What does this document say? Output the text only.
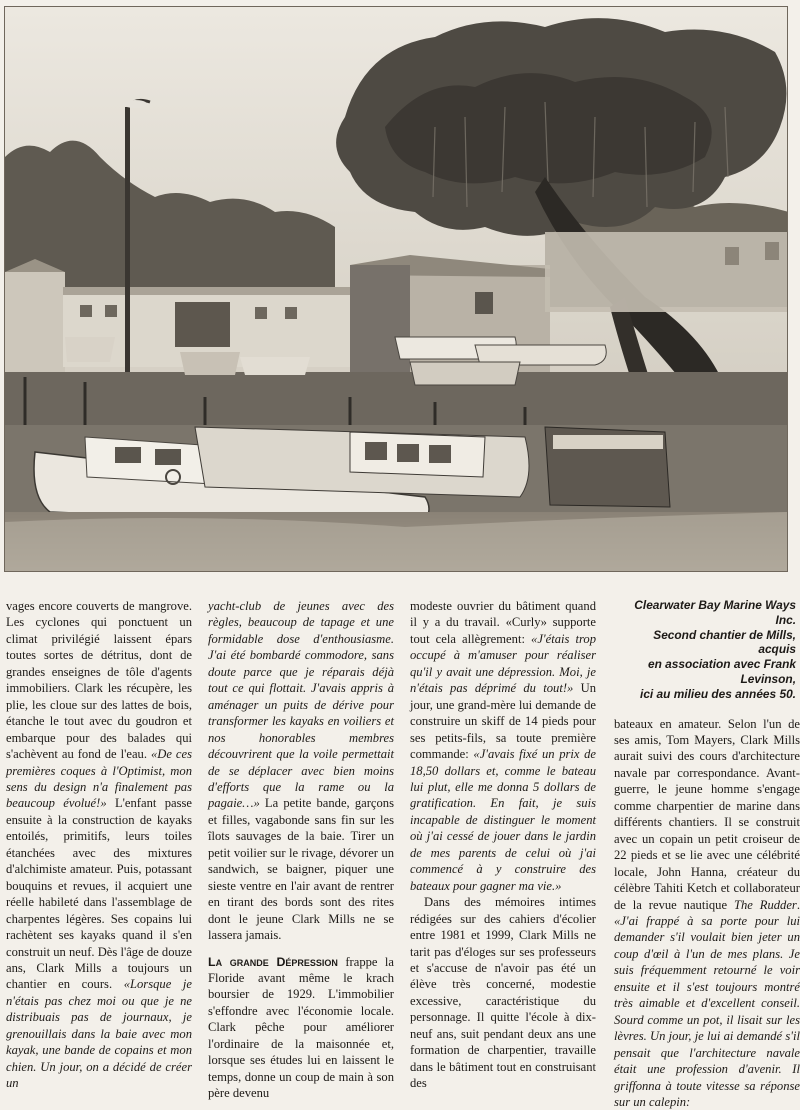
vages encore couverts de mangrove. Les cyclones qui ponctuent un climat privilégié laissent épars toutes sortes de détritus, dont de grandes enseignes de tôle d'agents immobiliers. Clark les récupère, les plie, les cloue sur des lattes de bois, étanche le tout avec du goudron et embarque pour des balades qui s'achèvent au fond de l'eau. «De ces premières coques à l'Optimist, mon sens du design n'a finalement pas beaucoup évolué!» L'enfant passe ensuite à la construction de kayaks entoilés, primitifs, leurs toiles étanchées avec des mixtures d'alchimiste amateur. Puis, potassant bouquins et revues, il acquiert une réelle habileté dans l'assemblage de charpentes légères. Ses copains lui rachètent ses kayaks quand il s'en construit un neuf. Dès l'âge de douze ans, Clark Mills a toujours un chantier en cours. «Lorsque je n'étais pas chez moi ou que je ne distribuais pas de journaux, je grenouillais dans la baie avec mon kayak, une bande de copains et mon chien. Un jour, on a décidé de créer un

yacht-club de jeunes avec des règles, beaucoup de tapage et une formidable dose d'enthousiasme. J'ai été bombardé commodore, sans doute parce que je réparais déjà tout ce qui flottait. J'avais appris à aménager un puits de dérive pour transformer les kayaks en voiliers et nos honorables membres découvrirent que la voile permettait de se déplacer avec bien moins d'efforts que la rame ou la pagaie…» La petite bande, garçons et filles, vagabonde sans fin sur les îlots sauvages de la baie. Tirer un petit voilier sur le rivage, dévorer un sandwich, se baigner, piquer une sieste ventre en l'air avant de rentrer en tirant des bords sont des rites dont le jeune Clark Mills ne se lassera jamais.

La grande Dépression frappe la Floride avant même le krach boursier de 1929. L'immobilier s'effondre avec l'économie locale. Clark pêche pour améliorer l'ordinaire de la maisonnée et, lorsque ses études lui en laissent le temps, donne un coup de main à son père devenu

modeste ouvrier du bâtiment quand il y a du travail. «Curly» supporte tout cela allègrement: «J'étais trop occupé à m'amuser pour réaliser qu'il y avait une dépression. Moi, je n'étais pas déprimé du tout!» Un jour, une grand-mère lui demande de construire un skiff de 14 pieds pour ses petits-fils, sa toute première commande: «J'avais fixé un prix de 18,50 dollars et, comme le bateau lui plut, elle me donna 5 dollars de gratification. En fait, je suis incapable de distinguer le moment où j'ai cessé de jouer dans le jardin de mes parents de celui où j'ai commencé à y construire des bateaux pour gagner ma vie.»

Dans des mémoires intimes rédigées sur des cahiers d'écolier entre 1981 et 1999, Clark Mills ne tarit pas d'éloges sur ses professeurs et s'accuse de n'avoir pas été un élève très concerné, modestie excessive, caractéristique du personnage. Il quitte l'école à dix-neuf ans, suit pendant deux ans une formation de charpentier, travaille dans le bâtiment tout en construisant des

Clearwater Bay Marine Ways Inc.
Second chantier de Mills, acquis
en association avec Frank Levinson,
ici au milieu des années 50.

bateaux en amateur. Selon l'un de ses amis, Tom Mayers, Clark Mills aurait suivi des cours d'architecture navale par correspondance. Avant-guerre, le jeune homme s'engage comme charpentier de marine dans différents chantiers. Il se construit avec un copain un petit croiseur de 22 pieds et se lie avec une célébrité locale, John Hanna, créateur du célèbre Tahiti Ketch et collaborateur de la revue nautique The Rudder. «J'ai frappé à sa porte pour lui demander s'il voulait bien jeter un coup d'œil à l'un de mes plans. Je suis fréquemment retourné le voir ensuite et il s'est toujours montré très aimable et d'excellent conseil. Sourd comme un pot, il lisait sur les lèvres. Un jour, je lui ai demandé s'il pensait que l'architecture navale était une profession d'avenir. Il griffonna à toute vitesse sa réponse sur un calepin:
